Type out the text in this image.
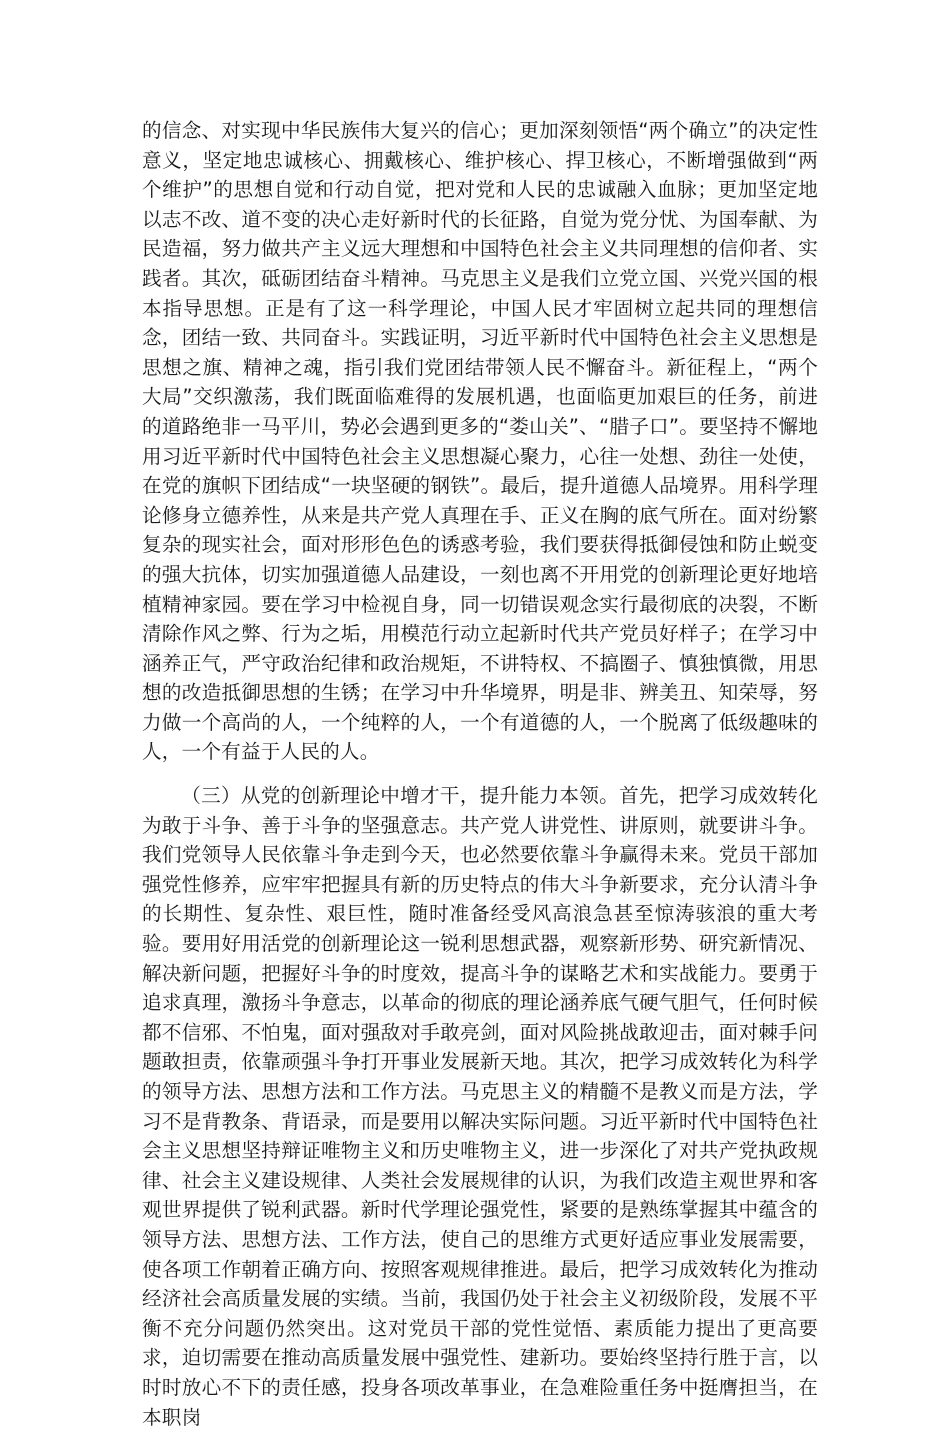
的信念、对实现中华民族伟大复兴的信心；更加深刻领悟“两个确立”的决定性意义，坚定地忠诚核心、拥戴核心、维护核心、捍卫核心，不断增强做到“两个维护”的思想自觉和行动自觉，把对党和人民的忠诚融入血脉；更加坚定地以志不改、道不变的决心走好新时代的长征路，自觉为党分忧、为国奉献、为民造福，努力做共产主义远大理想和中国特色社会主义共同理想的信仰者、实践者。其次，砥砺团结奋斗精神。马克思主义是我们立党立国、兴党兴国的根本指导思想。正是有了这一科学理论，中国人民才牢固树立起共同的理想信念，团结一致、共同奋斗。实践证明，习近平新时代中国特色社会主义思想是思想之旗、精神之魂，指引我们党团结带领人民不懈奋斗。新征程上，“两个大局”交织激荡，我们既面临难得的发展机遇，也面临更加艰巨的任务，前进的道路绝非一马平川，势必会遇到更多的“娄山关”、“腊子口”。要坚持不懈地用习近平新时代中国特色社会主义思想凝心聚力，心往一处想、劲往一处使，在党的旗帜下团结成“一块坚硬的钢铁”。最后，提升道德人品境界。用科学理论修身立德养性，从来是共产党人真理在手、正义在胸的底气所在。面对纷繁复杂的现实社会，面对形形色色的诱惑考验，我们要获得抵御侵蚀和防止蜕变的强大抗体，切实加强道德人品建设，一刻也离不开用党的创新理论更好地培植精神家园。要在学习中检视自身，同一切错误观念实行最彻底的决裂，不断清除作风之弊、行为之垢，用模范行动立起新时代共产党员好样子；在学习中涵养正气，严守政治纪律和政治规矩，不讲特权、不搞圈子、慎独慎微，用思想的改造抵御思想的生锈；在学习中升华境界，明是非、辨美丑、知荣辱，努力做一个高尚的人，一个纯粹的人，一个有道德的人，一个脱离了低级趣味的人，一个有益于人民的人。

（三）从党的创新理论中增才干，提升能力本领。首先，把学习成效转化为敢于斗争、善于斗争的坚强意志。共产党人讲党性、讲原则，就要讲斗争。我们党领导人民依靠斗争走到今天，也必然要依靠斗争赢得未来。党员干部加强党性修养，应牢牢把握具有新的历史特点的伟大斗争新要求，充分认清斗争的长期性、复杂性、艰巨性，随时准备经受风高浪急甚至惊涛骇浪的重大考验。要用好用活党的创新理论这一锐利思想武器，观察新形势、研究新情况、解决新问题，把握好斗争的时度效，提高斗争的谋略艺术和实战能力。要勇于追求真理，激扬斗争意志，以革命的彻底的理论涵养底气硬气胆气，任何时候都不信邪、不怕鬼，面对强敌对手敢亮剑，面对风险挑战敢迎击，面对棘手问题敢担责，依靠顽强斗争打开事业发展新天地。其次，把学习成效转化为科学的领导方法、思想方法和工作方法。马克思主义的精髓不是教义而是方法，学习不是背教条、背语录，而是要用以解决实际问题。习近平新时代中国特色社会主义思想坚持辩证唯物主义和历史唯物主义，进一步深化了对共产党执政规律、社会主义建设规律、人类社会发展规律的认识，为我们改造主观世界和客观世界提供了锐利武器。新时代学理论强党性，紧要的是熟练掌握其中蕴含的领导方法、思想方法、工作方法，使自己的思维方式更好适应事业发展需要，使各项工作朝着正确方向、按照客观规律推进。最后，把学习成效转化为推动经济社会高质量发展的实绩。当前，我国仍处于社会主义初级阶段，发展不平衡不充分问题仍然突出。这对党员干部的党性觉悟、素质能力提出了更高要求，迫切需要在推动高质量发展中强党性、建新功。要始终坚持行胜于言，以时时放心不下的责任感，投身各项改革事业，在急难险重任务中挺膺担当，在本职岗
